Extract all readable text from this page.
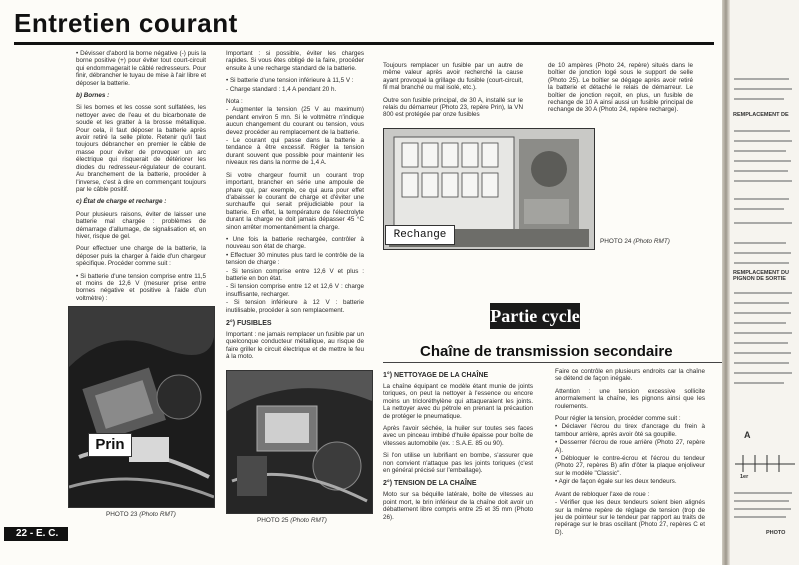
Entretien courant

• Dévisser d'abord la borne négative (-) puis la borne positive (+) pour éviter tout court-circuit qui endommagerait le câblé redresseurs. Pour finir, débrancher le tuyau de mise à l'air libre et déposer la batterie.

b) Bornes :

Si les bornes et les cosse sont sulfatées, les nettoyer avec de l'eau et du bicarbonate de soude et les gratter à la brosse métallique. Pour cela, il faut déposer la batterie après avoir retiré la selle pilote. Retenir qu'il faut toujours débrancher en premier le câble de masse pour éviter de provoquer un arc électrique qui risquerait de détériorer les diodes du redresseur-régulateur de courant. Au branchement de la batterie, procéder à l'inverse, c'est à dire en commençant toujours par le câble positif.

c) État de charge et recharge :

Pour plusieurs raisons, éviter de laisser une batterie mal chargée : problèmes de démarrage d'allumage, de signalisation et, en hiver, risque de gel.

Pour effectuer une charge de la batterie, la déposer puis la charger à l'aide d'un chargeur spécifique. Procéder comme suit :

• Si batterie d'une tension comprise entre 11,5 et moins de 12,6 V (mesurer prise entre bornes négative et positive à l'aide d'un voltmètre) :

Important : si possible, éviter les charges rapides. Si vous êtes obligé de la faire, procéder ensuite à une recharge standard de la batterie.

• Si batterie d'une tension inférieure à 11,5 V :

- Charge standard : 1,4 A pendant 20 h.

Nota :

- Augmenter la tension (25 V au maximum) pendant environ 5 mn. Si le voltmètre n'indique aucun changement du courant ou tension, vous devez procéder au remplacement de la batterie.

- Le courant qui passe dans la batterie a tendance à être excessif. Régler la tension durant souvent que possible pour maintenir les niveaux res dans la norme de 1,4 A.

Si votre chargeur fournit un courant trop important, brancher en série une ampoule de phare qui, par exemple, ce qui aura pour effet d'abaisser le courant de charge et d'éviter une surchauffe qui serait préjudiciable pour la batterie. En effet, la température de l'électrolyte durant la charge ne doit jamais dépasser 45 °C sinon arrêter momentanément la charge.

• Une fois la batterie rechargée, contrôler à nouveau son état de charge.

• Effectuer 30 minutes plus tard le contrôle de la tension de charge :

- Si tension comprise entre 12,6 V et plus : batterie en bon état.

- Si tension comprise entre 12 et 12,6 V : charge insuffisante, recharger.

- Si tension inférieure à 12 V : batterie inutilisable, procéder à son remplacement.

2°) FUSIBLES

Important : ne jamais remplacer un fusible par un quelconque conducteur métallique, au risque de faire griller le circuit électrique et de mettre le feu à la moto.

Toujours remplacer un fusible par un autre de même valeur après avoir recherché la cause ayant provoqué la grillage du fusible (court-circuit, fil mal branché ou mal isolé, etc.).

Outre son fusible principal, de 30 A, installé sur le relais du démarreur (Photo 23, repère Prin), la VN 800 est protégée par onze fusibles

de 10 ampères (Photo 24, repère) situés dans le boîtier de jonction logé sous le support de selle (Photo 25). Le boîtier se dégage après avoir retiré la batterie et détaché le relais de démarreur. Le boîtier de jonction reçoit, en plus, un fusible de rechange de 10 A ainsi aussi un fusible principal de rechange de 30 A (Photo 24, repère recharge).

Rechange
PHOTO 24 (Photo RMT)
Partie cycle
Chaîne de transmission secondaire
Prin
PHOTO 23 (Photo RMT)
PHOTO 25 (Photo RMT)
1°) NETTOYAGE DE LA CHAÎNE

La chaîne équipant ce modèle étant munie de joints toriques, on peut la nettoyer à l'essence ou encore moins un tricloréthylène qui attaqueraient les joints. La nettoyer avec du pétrole en prenant la précaution de protéger le pneumatique.

Après l'avoir séchée, la huiler sur toutes ses faces avec un pinceau imbibé d'huile épaisse pour boîte de vitesses automobile (ex. : S.A.E. 85 ou 90).

Si l'on utilise un lubrifiant en bombe, s'assurer que non convient n'attaque pas les joints toriques (c'est en général précisé sur l'emballage).

2°) TENSION DE LA CHAÎNE

Moto sur sa béquille latérale, boîte de vitesses au point mort, le brin inférieur de la chaîne doit avoir un débattement libre compris entre 25 et 35 mm (Photo 26).

Faire ce contrôle en plusieurs endroits car la chaîne se détend de façon inégale.

Attention : une tension excessive sollicite anormalement la chaîne, les pignons ainsi que les roulements.

Pour régler la tension, procéder comme suit :

• Déclaver l'écrou du tirex d'ancrage du frein à tambour arrière, après avoir ôté sa goupille.

• Desserrer l'écrou de roue arrière (Photo 27, repère A).

• Débloquer le contre-écrou et l'écrou du tendeur (Photo 27, repères B) afin d'ôter la plaque enjoliveur sur le modèle "Classic".

• Agir de façon égale sur les deux tendeurs.

Avant de rebloquer l'axe de roue :

- Vérifier que les deux tendeurs soient bien alignés sur la même repère de réglage de tension (trop de jeu de pointeur sur le tendeur par rapport au traits de repérage sur le bras oscillant (Photo 27, repères C et D).

22 - E. C.
REMPLACEMENT DE
REMPLACEMENT DU PIGNON DE SORTIE
A
1er
PHOTO
